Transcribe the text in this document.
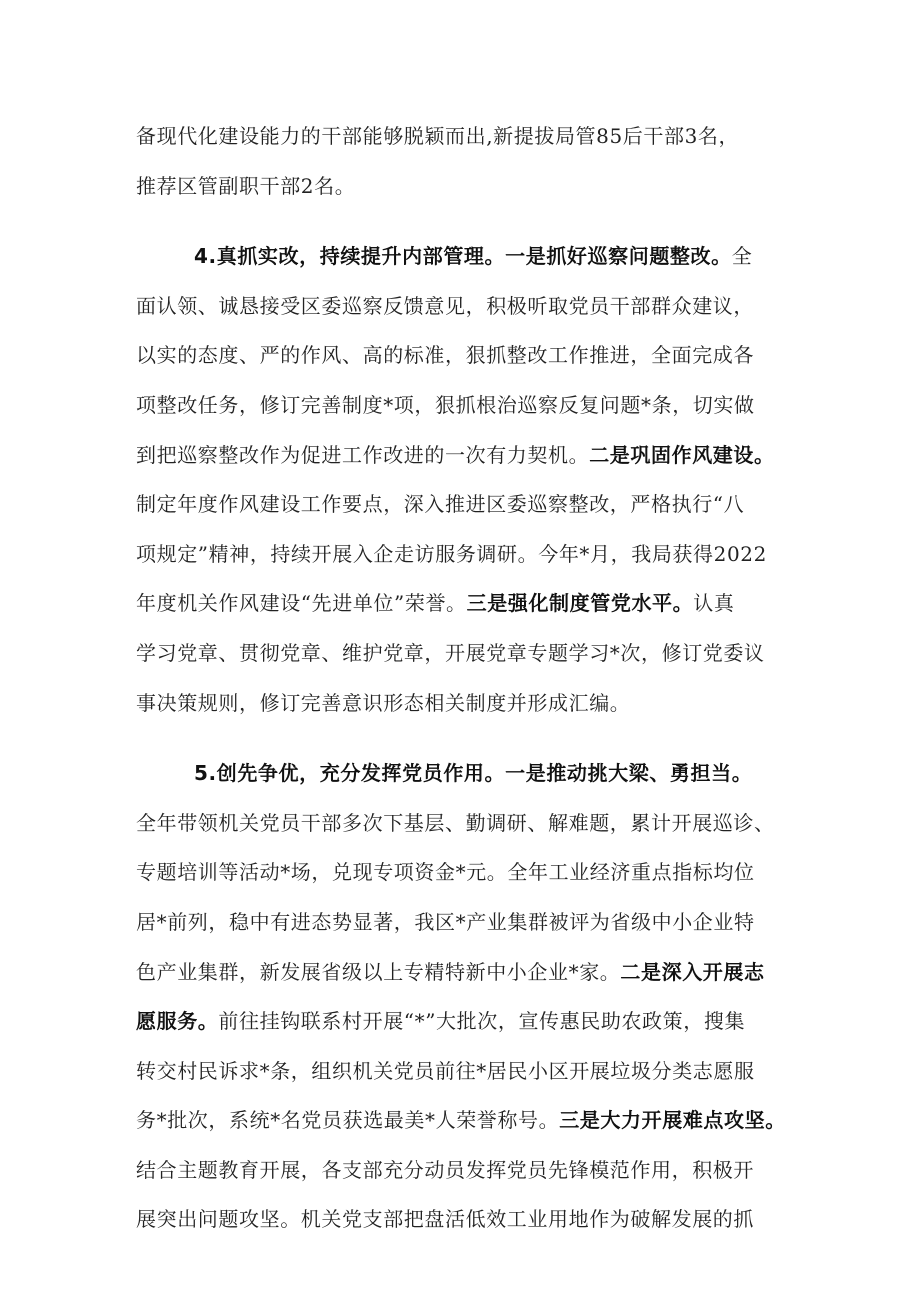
备现代化建设能力的干部能够脱颖而出,新提拔局管85后干部3名，
推荐区管副职干部2名。
4.真抓实改，持续提升内部管理。一是抓好巡察问题整改。全
面认领、诚恳接受区委巡察反馈意见，积极听取党员干部群众建议，
以实的态度、严的作风、高的标准，狠抓整改工作推进，全面完成各
项整改任务，修订完善制度*项，狠抓根治巡察反复问题*条，切实做
到把巡察整改作为促进工作改进的一次有力契机。二是巩固作风建设。
制定年度作风建设工作要点，深入推进区委巡察整改，严格执行“八
项规定”精神，持续开展入企走访服务调研。今年*月，我局获得2022
年度机关作风建设“先进单位”荣誉。三是强化制度管党水平。认真
学习党章、贯彻党章、维护党章，开展党章专题学习*次，修订党委议
事决策规则，修订完善意识形态相关制度并形成汇编。
5.创先争优，充分发挥党员作用。一是推动挑大梁、勇担当。
全年带领机关党员干部多次下基层、勤调研、解难题，累计开展巡诊、
专题培训等活动*场，兑现专项资金*元。全年工业经济重点指标均位
居*前列，稳中有进态势显著，我区*产业集群被评为省级中小企业特
色产业集群，新发展省级以上专精特新中小企业*家。二是深入开展志
愿服务。前往挂钩联系村开展“*”大批次，宣传惠民助农政策，搜集
转交村民诉求*条，组织机关党员前往*居民小区开展垃圾分类志愿服
务*批次，系统*名党员获选最美*人荣誉称号。三是大力开展难点攻坚。
结合主题教育开展，各支部充分动员发挥党员先锋模范作用，积极开
展突出问题攻坚。机关党支部把盘活低效工业用地作为破解发展的抓
